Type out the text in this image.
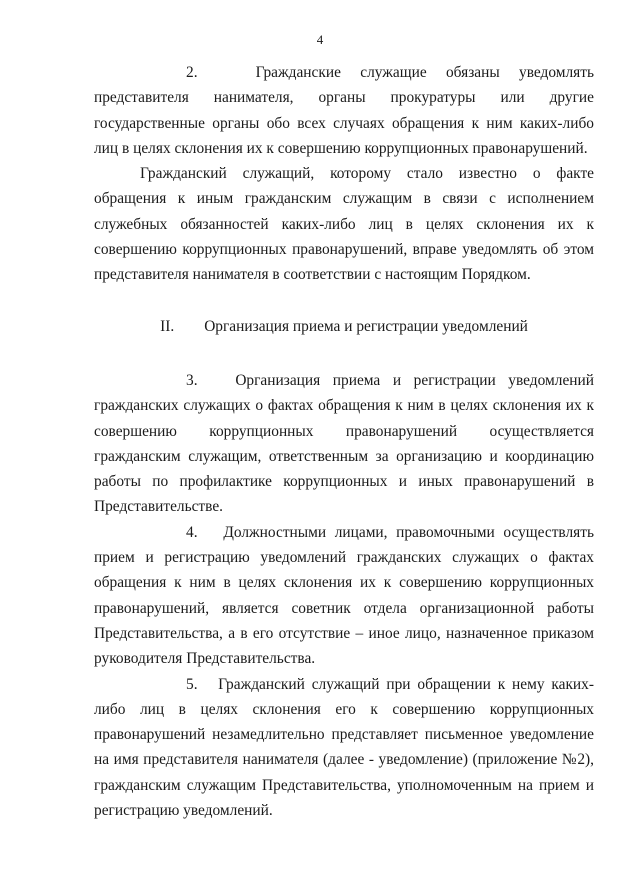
4

2.	Гражданские служащие обязаны уведомлять представителя нанимателя, органы прокуратуры или другие государственные органы обо всех случаях обращения к ним каких-либо лиц в целях склонения их к совершению коррупционных правонарушений.

Гражданский служащий, которому стало известно о факте обращения к иным гражданским служащим в связи с исполнением служебных обязанностей каких-либо лиц в целях склонения их к совершению коррупционных правонарушений, вправе уведомлять об этом представителя нанимателя в соответствии с настоящим Порядком.

II. Организация приема и регистрации уведомлений

3. Организация приема и регистрации уведомлений гражданских служащих о фактах обращения к ним в целях склонения их к совершению коррупционных правонарушений осуществляется гражданским служащим, ответственным за организацию и координацию работы по профилактике коррупционных и иных правонарушений в Представительстве.

4. Должностными лицами, правомочными осуществлять прием и регистрацию уведомлений гражданских служащих о фактах обращения к ним в целях склонения их к совершению коррупционных правонарушений, является советник отдела организационной работы Представительства, а в его отсутствие – иное лицо, назначенное приказом руководителя Представительства.

5. Гражданский служащий при обращении к нему каких-либо лиц в целях склонения его к совершению коррупционных правонарушений незамедлительно представляет письменное уведомление на имя представителя нанимателя (далее - уведомление) (приложение №2), гражданским служащим Представительства, уполномоченным на прием и регистрацию уведомлений.
